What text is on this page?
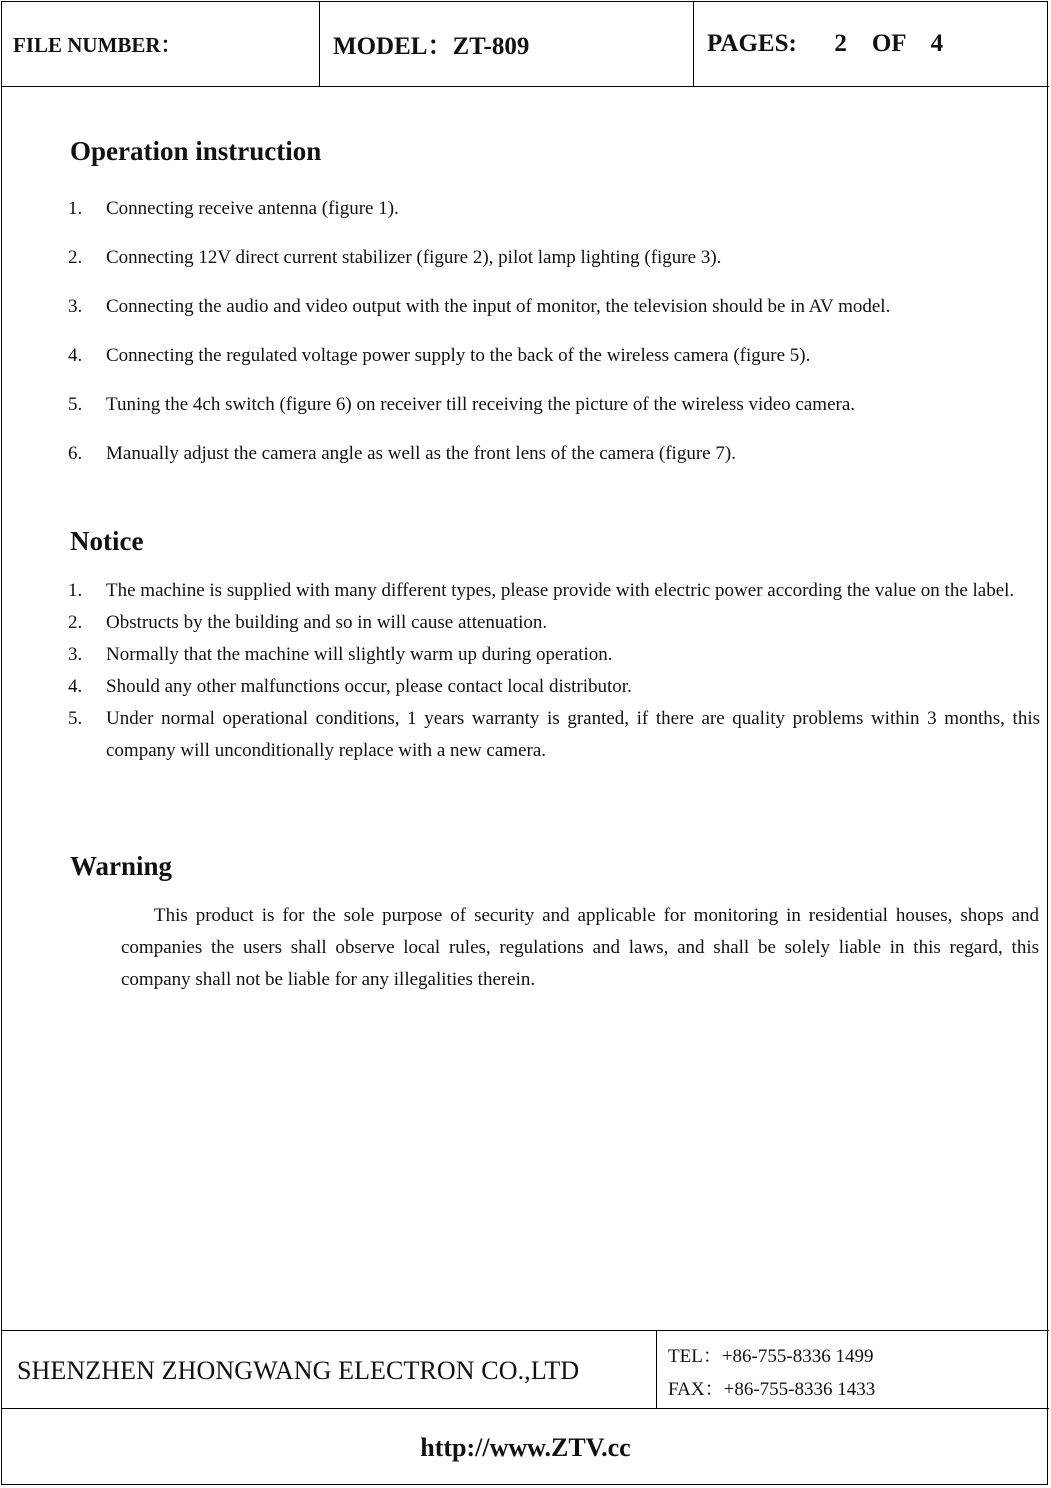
FILE NUMBER：	MODEL：ZT-809	PAGES:      2    OF    4
Operation instruction
1. Connecting receive antenna (figure 1).
2. Connecting 12V direct current stabilizer (figure 2), pilot lamp lighting (figure 3).
3. Connecting the audio and video output with the input of monitor, the television should be in AV model.
4. Connecting the regulated voltage power supply to the back of the wireless camera (figure 5).
5. Tuning the 4ch switch (figure 6) on receiver till receiving the picture of the wireless video camera.
6. Manually adjust the camera angle as well as the front lens of the camera (figure 7).
Notice
1. The machine is supplied with many different types, please provide with electric power according the value on the label.
2. Obstructs by the building and so in will cause attenuation.
3. Normally that the machine will slightly warm up during operation.
4. Should any other malfunctions occur, please contact local distributor.
5. Under normal operational conditions, 1 years warranty is granted, if there are quality problems within 3 months, this company will unconditionally replace with a new camera.
Warning
This product is for the sole purpose of security and applicable for monitoring in residential houses, shops and companies the users shall observe local rules, regulations and laws, and shall be solely liable in this regard, this company shall not be liable for any illegalities therein.
SHENZHEN ZHONGWANG ELECTRON CO.,LTD	TEL：+86-755-8336 1499
FAX：+86-755-8336 1433
http://www.ZTV.cc
